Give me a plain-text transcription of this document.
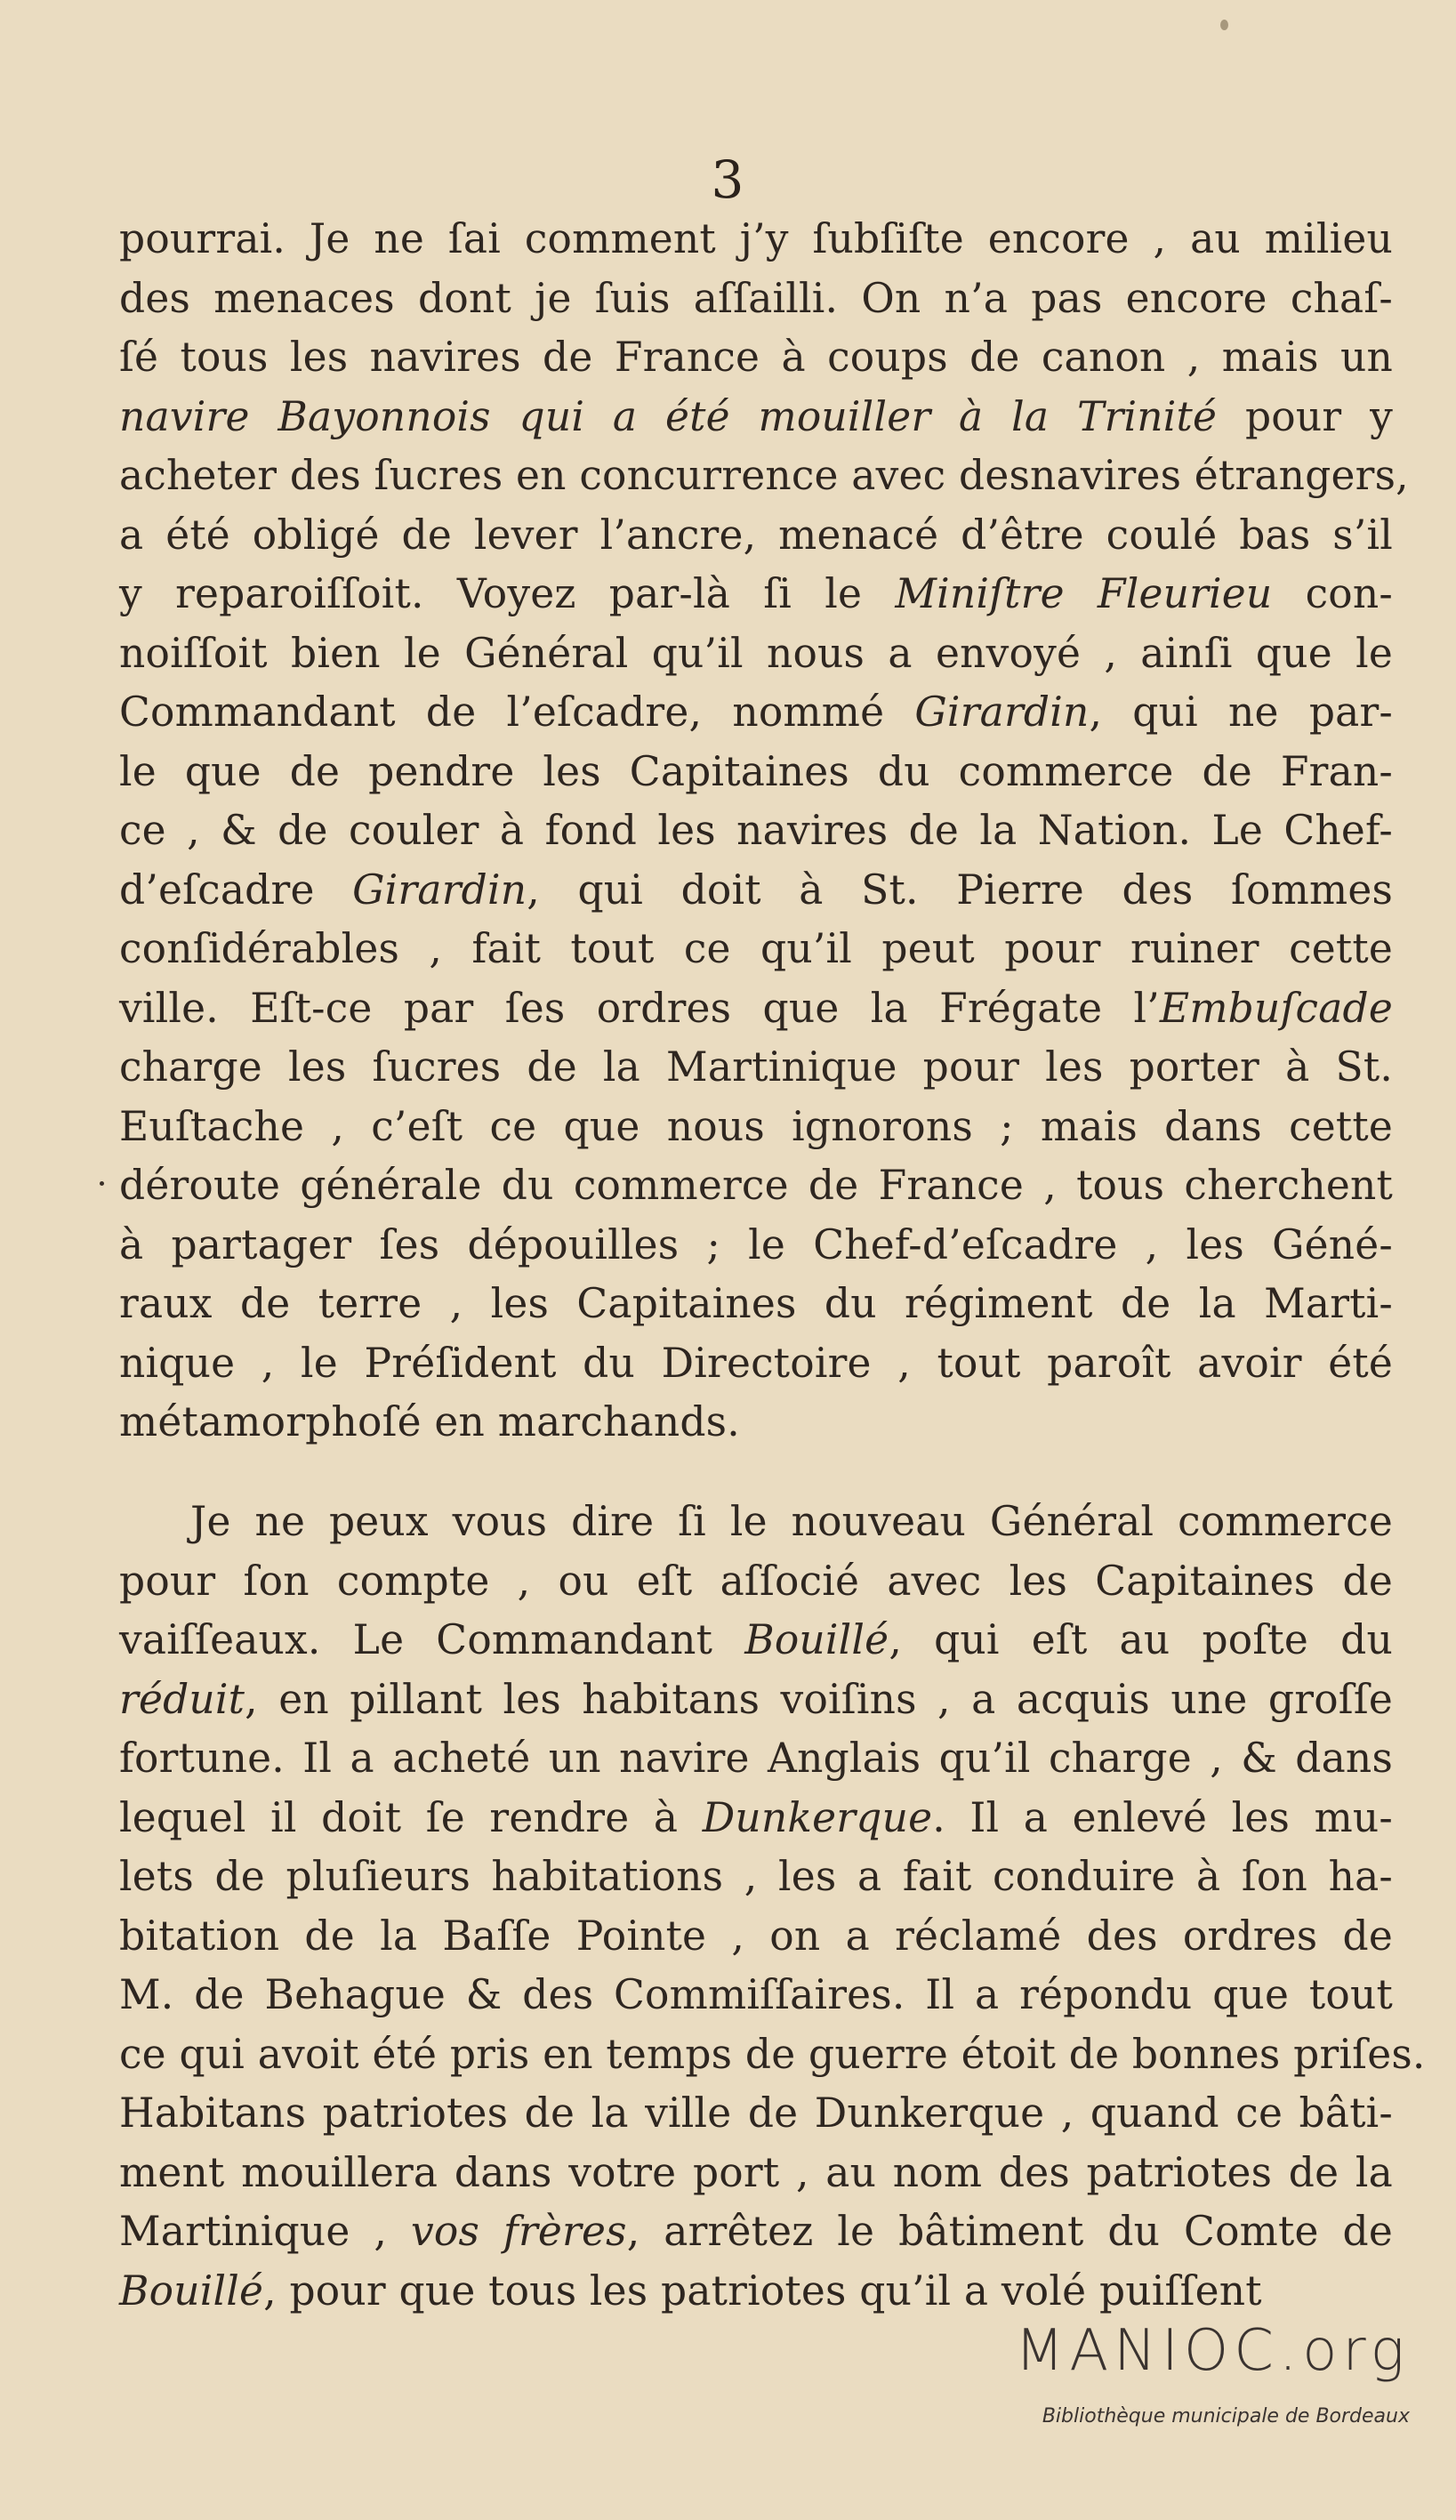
3
pourrai. Je ne ſai comment j’y ſubſiſte encore , au milieu
des menaces dont je ſuis aſſailli. On n’a pas encore chaſ-
ſé tous les navires de France à coups de canon , mais un
navire Bayonnois qui a été mouiller à la Trinité pour y
acheter des ſucres en concurrence avec desnavires étrangers,
a été obligé de lever l’ancre, menacé d’être coulé bas s’il
y reparoiſſoit. Voyez par-là ſi le Miniſtre Fleurieu con-
noiſſoit bien le Général qu’il nous a envoyé , ainſi que le
Commandant de l’eſcadre, nommé Girardin, qui ne par-
le que de pendre les Capitaines du commerce de Fran-
ce , & de couler à fond les navires de la Nation. Le Chef-
d’eſcadre Girardin, qui doit à St. Pierre des ſommes
conſidérables , fait tout ce qu’il peut pour ruiner cette
ville. Eſt-ce par ſes ordres que la Frégate l’Embuſcade
charge les ſucres de la Martinique pour les porter à St.
Euſtache , c’eſt ce que nous ignorons ; mais dans cette
déroute générale du commerce de France , tous cherchent
à partager ſes dépouilles ; le Chef-d’eſcadre , les Géné-
raux de terre , les Capitaines du régiment de la Marti-
nique , le Préſident du Directoire , tout paroît avoir été
métamorphoſé en marchands.
Je ne peux vous dire ſi le nouveau Général commerce
pour ſon compte , ou eſt aſſocié avec les Capitaines de
vaiſſeaux. Le Commandant Bouillé, qui eſt au poſte du
réduit, en pillant les habitans voiſins , a acquis une groſſe
fortune. Il a acheté un navire Anglais qu’il charge , & dans
lequel il doit ſe rendre à Dunkerque. Il a enlevé les mu-
lets de pluſieurs habitations , les a fait conduire à ſon ha-
bitation de la Baſſe Pointe , on a réclamé des ordres de
M. de Behague & des Commiſſaires. Il a répondu que tout
ce qui avoit été pris en temps de guerre étoit de bonnes priſes.
Habitans patriotes de la ville de Dunkerque , quand ce bâti-
ment mouillera dans votre port , au nom des patriotes de la
Martinique , vos frères, arrêtez le bâtiment du Comte de
Bouillé, pour que tous les patriotes qu’il a volé puiſſent
MANIOC.org
Bibliothèque municipale de Bordeaux
